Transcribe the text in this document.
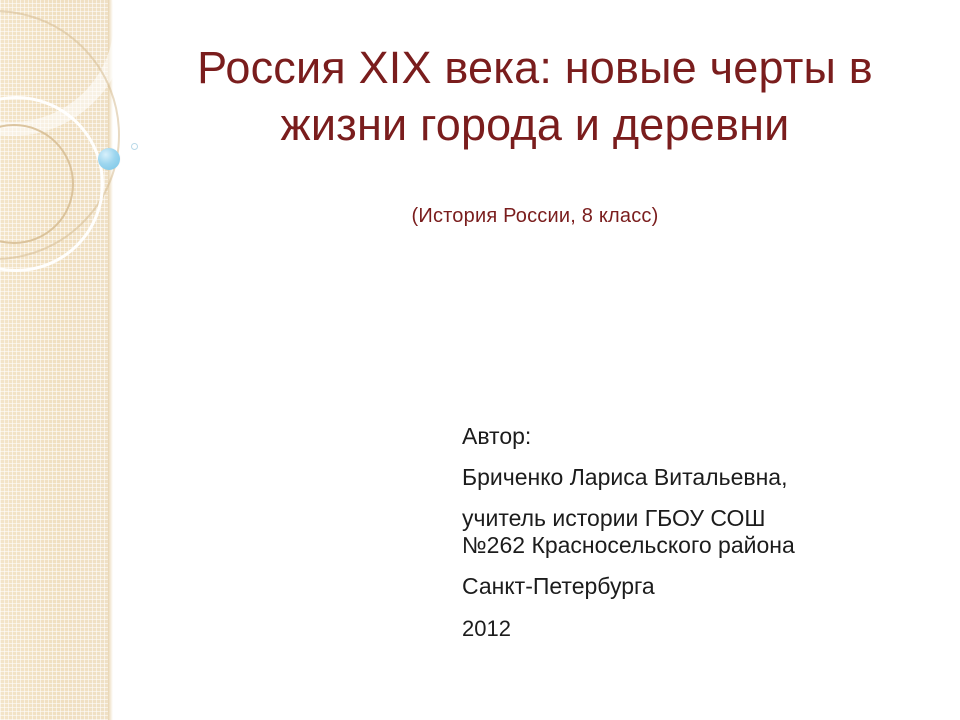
Россия XIX века: новые черты в жизни города и деревни
(История России, 8 класс)

Автор:

Бриченко Лариса Витальевна,

учитель истории ГБОУ СОШ

№262 Красносельского района

Санкт-Петербурга

2012
